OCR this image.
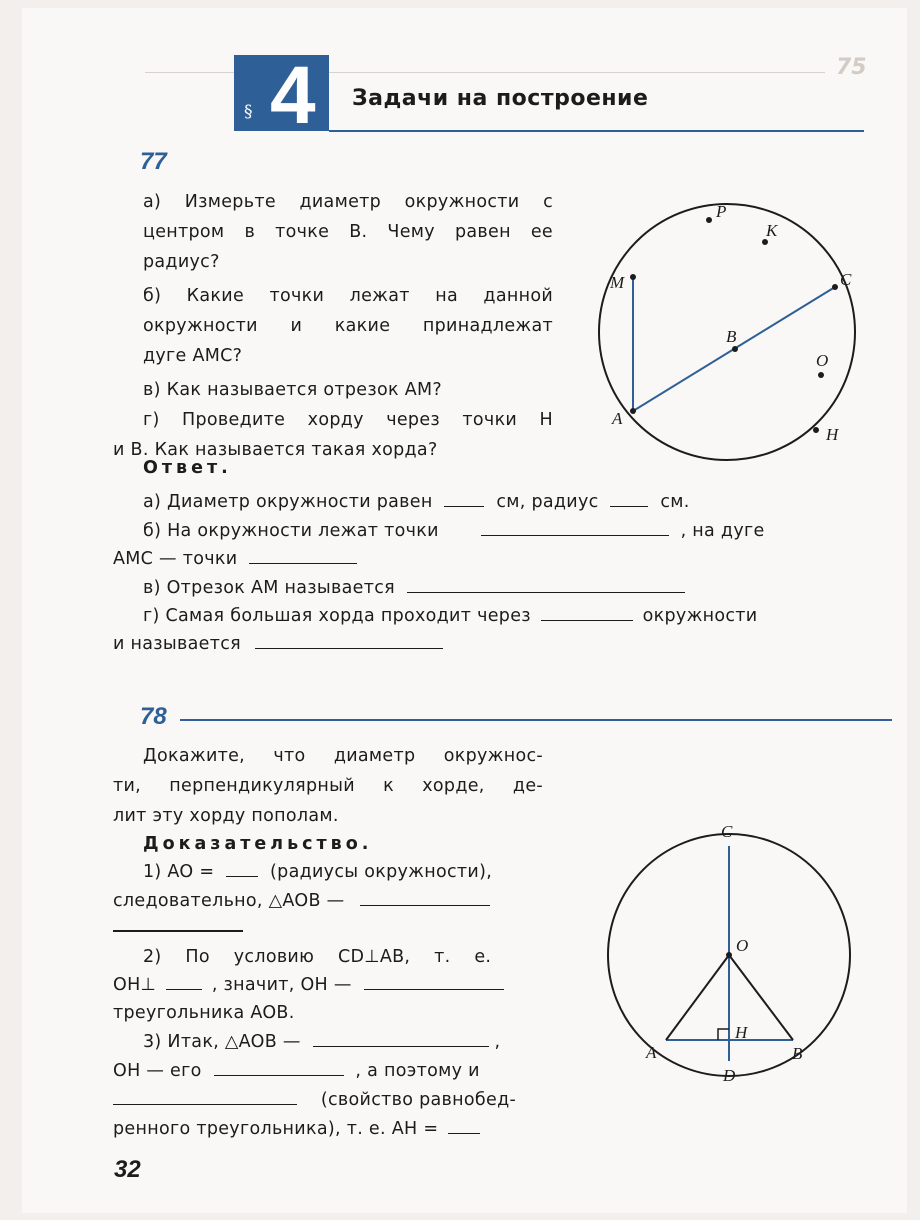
75
§ 4 Задачи на построение
77
а) Измерьте диаметр окружности с
центром в точке B. Чему равен ее
радиус?
б) Какие точки лежат на данной
окружности и какие принадлежат
дуге AMC?
в) Как называется отрезок AM?
г) Проведите хорду через точки H
и B. Как называется такая хорда?
Ответ.
а) Диаметр окружности равен	см, радиус	см.
б) На окружности лежат точки	, на дуге
AMC — точки
в) Отрезок AM называется
г) Самая большая хорда проходит через	окружности
и называется
P
K
M	C
B
O
A
H
78
Докажите, что диаметр окружнос-
ти, перпендикулярный к хорде, де-
лит эту хорду пополам.
Доказательство.
1) AO =	(радиусы окружности),
следовательно, △AOB —
2) По условию CD⊥AB, т. е.
OH⊥	, значит, OH —
треугольника AOB.
3) Итак, △AOB —	,
OH — его	, а поэтому и
(свойство равнобед-
ренного треугольника), т. е. AH =
C
O
H
A	B
D
32
